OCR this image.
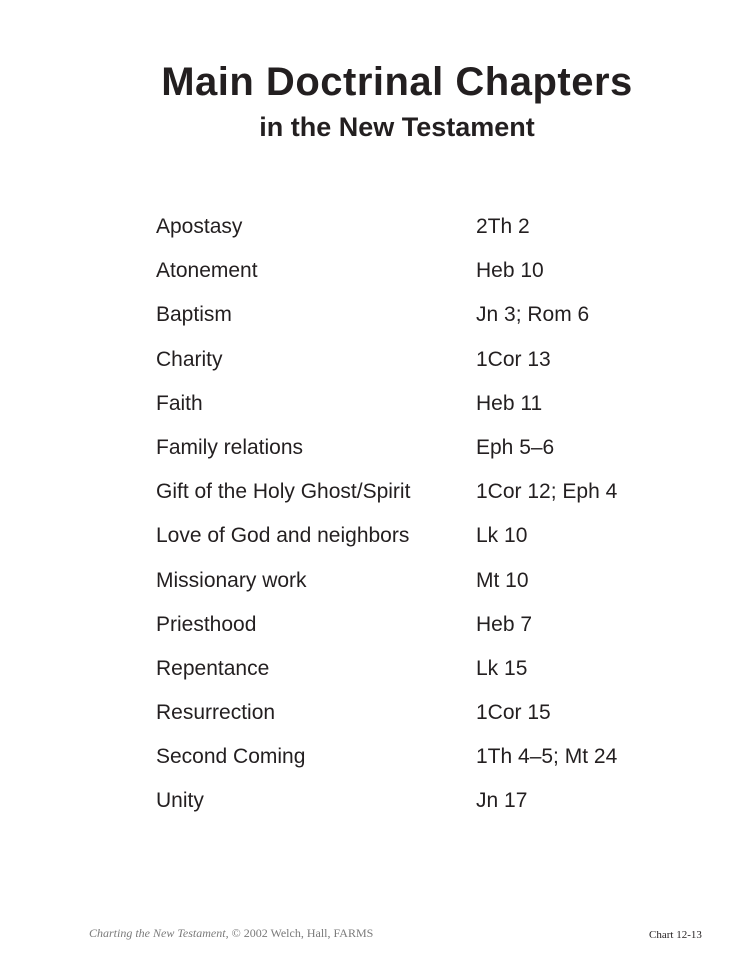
Main Doctrinal Chapters
in the New Testament
Apostasy	2Th 2
Atonement	Heb 10
Baptism	Jn 3; Rom 6
Charity	1Cor 13
Faith	Heb 11
Family relations	Eph 5–6
Gift of the Holy Ghost/Spirit	1Cor 12; Eph 4
Love of God and neighbors	Lk 10
Missionary work	Mt 10
Priesthood	Heb 7
Repentance	Lk 15
Resurrection	1Cor 15
Second Coming	1Th 4–5; Mt 24
Unity	Jn 17
Charting the New Testament, © 2002 Welch, Hall, FARMS	Chart 12-13
